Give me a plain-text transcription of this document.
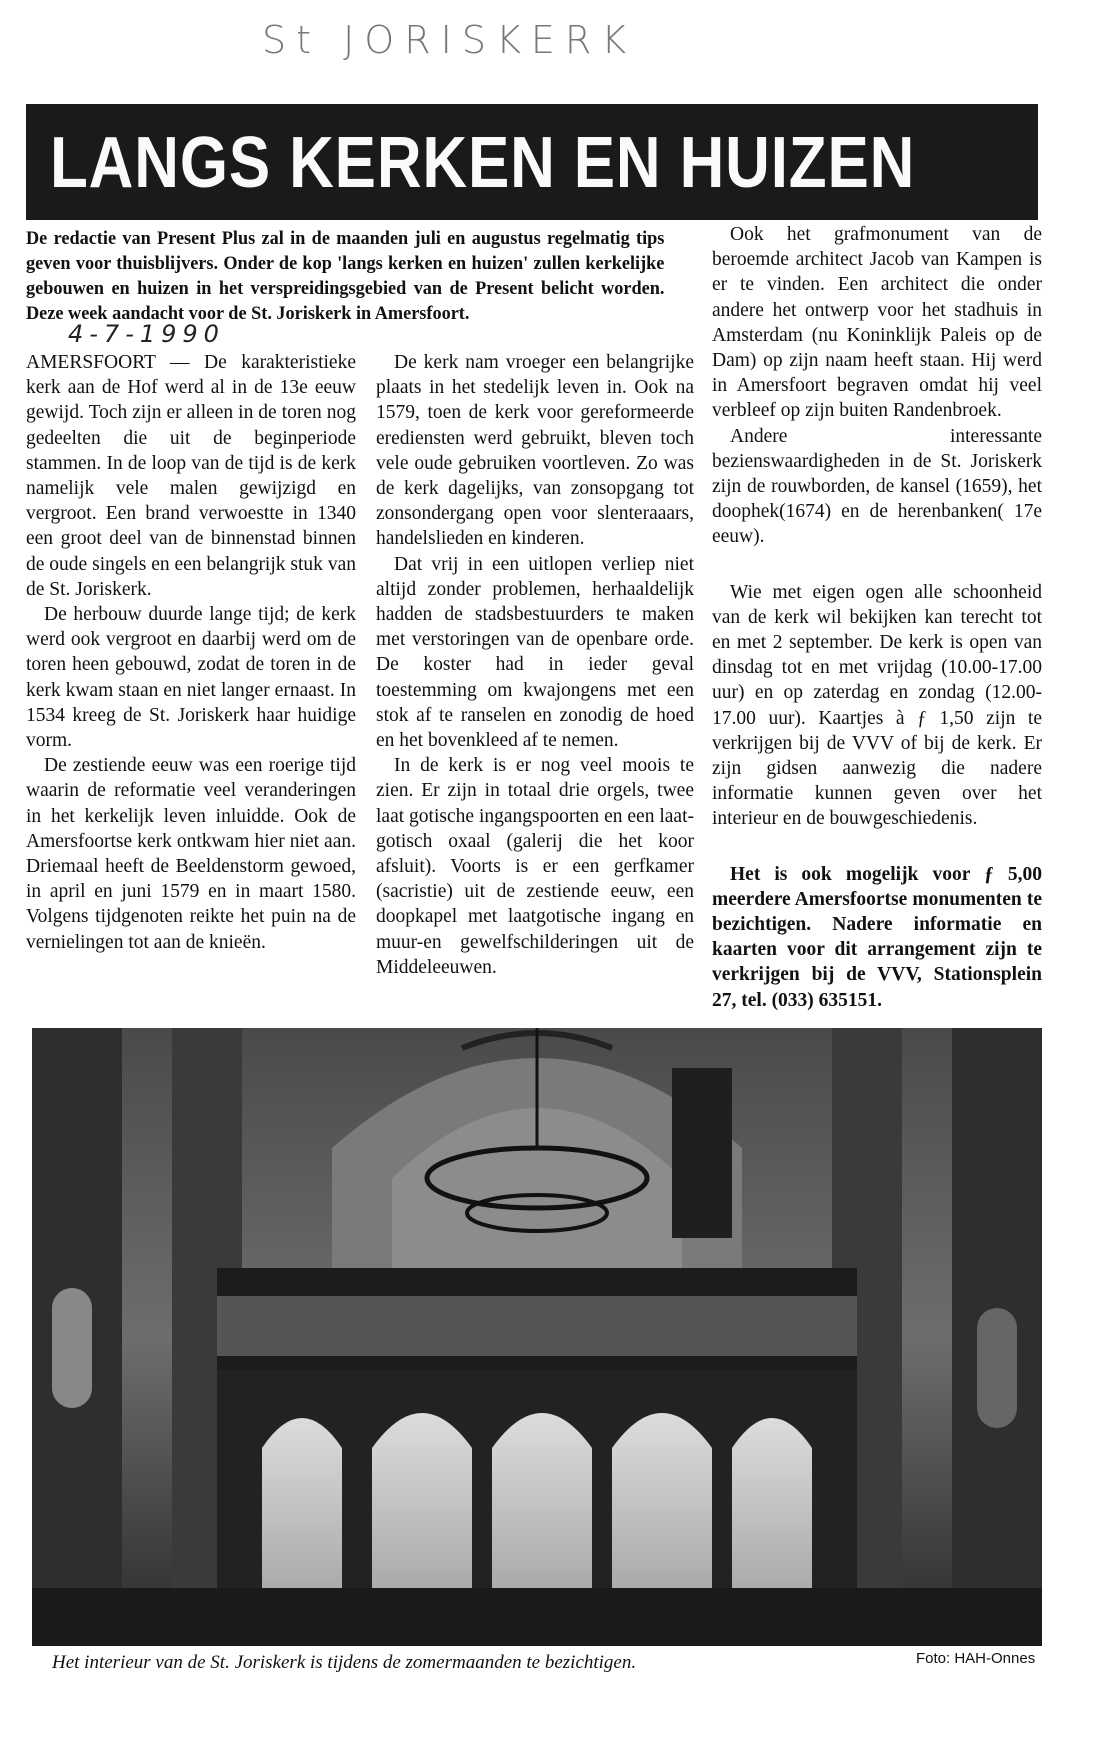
St JORISKERK
LANGS KERKEN EN HUIZEN
De redactie van Present Plus zal in de maanden juli en augustus regelmatig tips geven voor thuisblijvers. Onder de kop 'langs kerken en huizen' zullen kerkelijke gebouwen en huizen in het verspreidingsgebied van de Present belicht worden. Deze week aandacht voor de St. Joriskerk in Amersfoort.
4-7-1990

AMERSFOORT — De karakteristieke kerk aan de Hof werd al in de 13e eeuw gewijd. Toch zijn er alleen in de toren nog gedeelten die uit de beginperiode stammen. In de loop van de tijd is de kerk namelijk vele malen gewijzigd en vergroot. Een brand verwoestte in 1340 een groot deel van de binnenstad binnen de oude singels en een belangrijk stuk van de St. Joriskerk.

De herbouw duurde lange tijd; de kerk werd ook vergroot en daarbij werd om de toren heen gebouwd, zodat de toren in de kerk kwam staan en niet langer ernaast. In 1534 kreeg de St. Joriskerk haar huidige vorm.

De zestiende eeuw was een roerige tijd waarin de reformatie veel veranderingen in het kerkelijk leven inluidde. Ook de Amersfoortse kerk ontkwam hier niet aan. Driemaal heeft de Beeldenstorm gewoed, in april en juni 1579 en in maart 1580. Volgens tijdgenoten reikte het puin na de vernielingen tot aan de knieën.

De kerk nam vroeger een belangrijke plaats in het stedelijk leven in. Ook na 1579, toen de kerk voor gereformeerde erediensten werd gebruikt, bleven toch vele oude gebruiken voortleven. Zo was de kerk dagelijks, van zonsopgang tot zonsondergang open voor slenteraaars, handelslieden en kinderen.

Dat vrij in een uitlopen verliep niet altijd zonder problemen, herhaaldelijk hadden de stadsbestuurders te maken met verstoringen van de openbare orde. De koster had in ieder geval toestemming om kwajongens met een stok af te ranselen en zonodig de hoed en het bovenkleed af te nemen.

In de kerk is er nog veel moois te zien. Er zijn in totaal drie orgels, twee laat gotische ingangspoorten en een laat-gotisch oxaal (galerij die het koor afsluit). Voorts is er een gerfkamer (sacristie) uit de zestiende eeuw, een doopkapel met laatgotische ingang en muur-en gewelfschilderingen uit de Middeleeuwen.

Ook het grafmonument van de beroemde architect Jacob van Kampen is er te vinden. Een architect die onder andere het ontwerp voor het stadhuis in Amsterdam (nu Koninklijk Paleis op de Dam) op zijn naam heeft staan. Hij werd in Amersfoort begraven omdat hij veel verbleef op zijn buiten Randenbroek.

Andere interessante bezienswaardigheden in de St. Joriskerk zijn de rouwborden, de kansel (1659), het doophek(1674) en de herenbanken( 17e eeuw).

Wie met eigen ogen alle schoonheid van de kerk wil bekijken kan terecht tot en met 2 september. De kerk is open van dinsdag tot en met vrijdag (10.00-17.00 uur) en op zaterdag en zondag (12.00-17.00 uur). Kaartjes à ƒ 1,50 zijn te verkrijgen bij de VVV of bij de kerk. Er zijn gidsen aanwezig die nadere informatie kunnen geven over het interieur en de bouwgeschiedenis.

Het is ook mogelijk voor ƒ 5,00 meerdere Amersfoortse monumenten te bezichtigen. Nadere informatie en kaarten voor dit arrangement zijn te verkrijgen bij de VVV, Stationsplein 27, tel. (033) 635151.

Het interieur van de St. Joriskerk is tijdens de zomermaanden te bezichtigen.	Foto: HAH-Onnes
